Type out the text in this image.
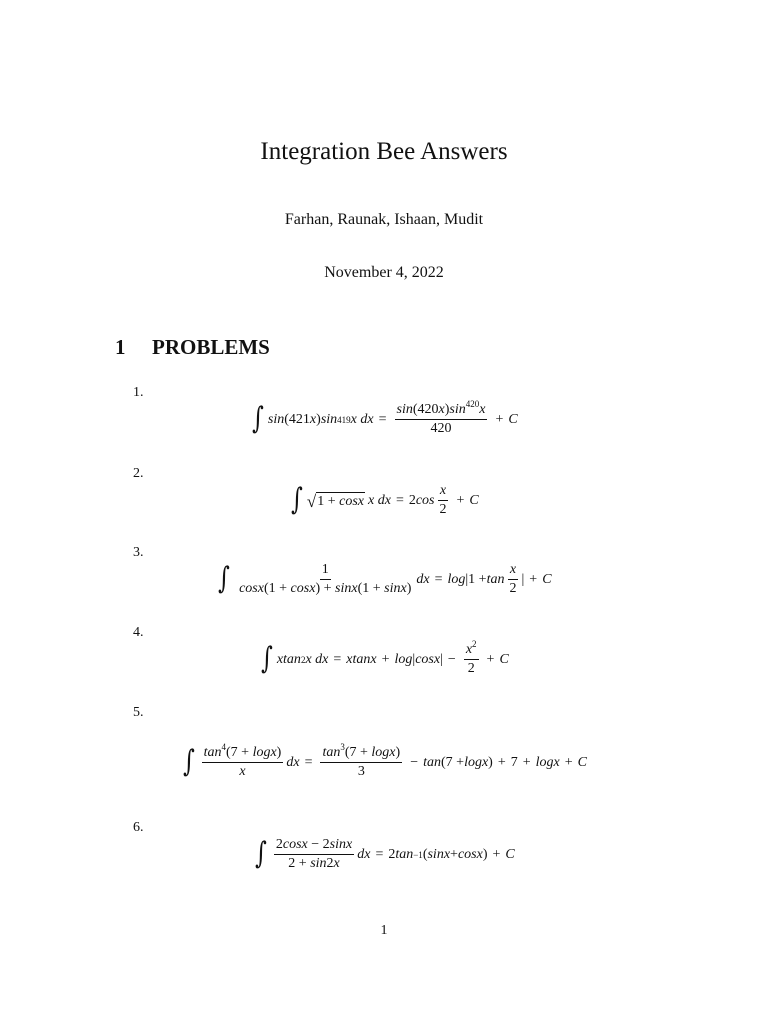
Integration Bee Answers
Farhan, Raunak, Ishaan, Mudit
November 4, 2022
1 PROBLEMS
1.
∫ sin (421 x ) sin 419 x dx = $\frac{\sin(420x)\sin^{420}x}{420} + C$
2.
∫ √ 1 + cosx x dx = 2 $\cos \frac{x}{2} + C$
3.
∫ $\frac{1}{\cos x(1 + \cos x) + \sin x(1 + \sin x)}$ dx = $\log |1 + \tan \frac{x}{2}$ | + C
4.
∫ xtan 2 x dx = xtanx + log | cosx | − $\frac{x^2}{2} + C$
5.
∫ $\frac{\tan^4(7 + \log x)}{x}$ dx = $\frac{\tan^3(7 + \log x)}{3} - \tan (7 + \log x$ ) + 7 + logx + C
6.
∫ $\frac{2\cos x - 2\sin x}{2 + \sin 2x}$ dx = 2 tan −1 ( sinx + cosx ) + C
1
